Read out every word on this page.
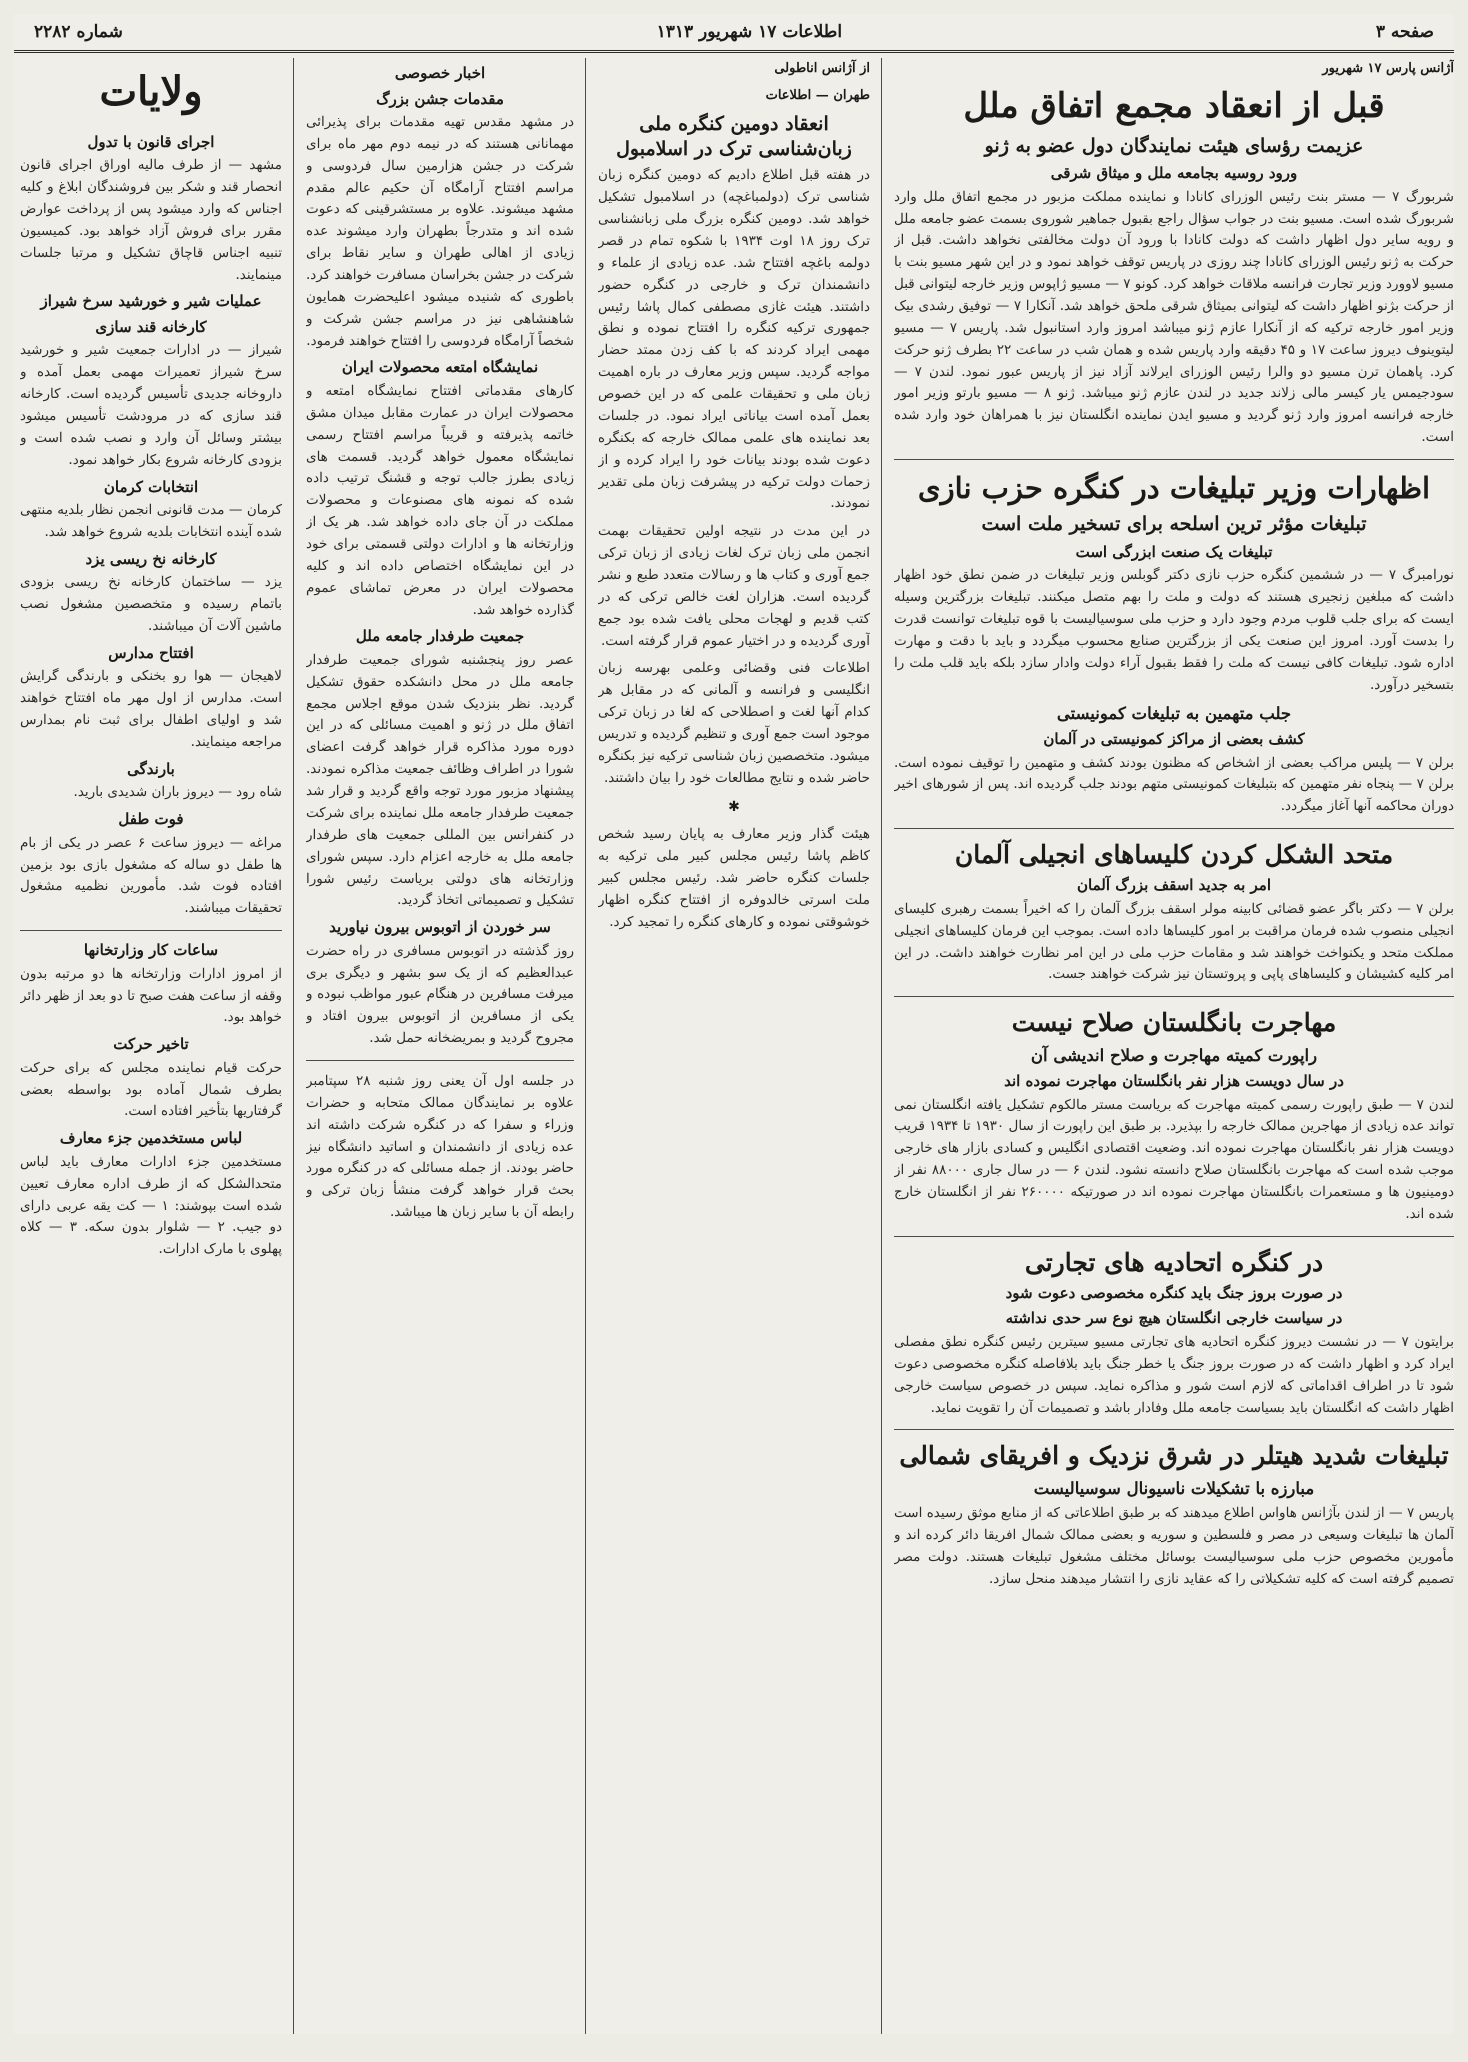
صفحه ۳
اطلاعات ۱۷ شهریور ۱۳۱۳
شماره ۲۲۸۲
آژانس پارس ۱۷ شهریور
قبل از انعقاد مجمع اتفاق ملل
عزیمت رؤسای هیئت نمایندگان دول عضو به ژنو
ورود روسیه بجامعه ملل و میثاق شرقی

شربورگ ۷ — مستر بنت رئیس الوزرای کانادا و نماینده مملکت مزبور در مجمع اتفاق ملل وارد شربورگ شده است. مسیو بنت در جواب سؤال راجع بقبول جماهیر شوروی بسمت عضو جامعه ملل و رویه سایر دول اظهار داشت که دولت کانادا با ورود آن دولت مخالفتی نخواهد داشت. قبل از حرکت به ژنو رئیس الوزرای کانادا چند روزی در پاریس توقف خواهد نمود و در این شهر مسیو بنت با مسیو لاوورد وزیر تجارت فرانسه ملاقات خواهد کرد. کونو ۷ — مسیو ژاپوس وزیر خارجه لیتوانی قبل از حرکت بژنو اظهار داشت که لیتوانی بمیثاق شرقی ملحق خواهد شد. آنکارا ۷ — توفیق رشدی بیک وزیر امور خارجه ترکیه که از آنکارا عازم ژنو میباشد امروز وارد استانبول شد. پاریس ۷ — مسیو لیتوینوف دیروز ساعت ۱۷ و ۴۵ دقیقه وارد پاریس شده و همان شب در ساعت ۲۲ بطرف ژنو حرکت کرد. پاهمان ترن مسیو دو والرا رئیس الوزرای ایرلاند آزاد نیز از پاریس عبور نمود. لندن ۷ — سودجیمس یار کیسر مالی زلاند جدید در لندن عازم ژنو میباشد. ژنو ۸ — مسیو بارتو وزیر امور خارجه فرانسه امروز وارد ژنو گردید و مسیو ایدن نماینده انگلستان نیز با همراهان خود وارد شده است.

اظهارات وزیر تبلیغات در کنگره حزب نازی
تبلیغات مؤثر ترین اسلحه برای تسخیر ملت است
تبلیغات یک صنعت‌ ابزرگی است

نورامبرگ ۷ — در ششمین کنگره حزب نازی دکتر گوبلس وزیر تبلیغات در ضمن نطق خود اظهار داشت که مبلغین زنجیری هستند که دولت و ملت را بهم متصل میکنند. تبلیغات بزرگترین وسیله ایست که برای جلب قلوب مردم وجود دارد و حزب ملی سوسیالیست با قوه تبلیغات توانست قدرت را بدست آورد. امروز این صنعت یکی از بزرگترین صنایع محسوب میگردد و باید با دقت و مهارت اداره شود. تبلیغات کافی نیست که ملت را فقط بقبول آراء دولت وادار سازد بلکه باید قلب ملت را بتسخیر درآورد.

جلب متهمین به تبلیغات کمونیستی
کشف بعضی از مراکز کمونیستی در آلمان

برلن ۷ — پلیس مراکب بعضی از اشخاص که مظنون بودند کشف و متهمین را توقیف نموده است. برلن ۷ — پنجاه نفر متهمین که بتبلیغات کمونیستی متهم بودند جلب گردیده اند. پس از شورهای اخیر دوران محاکمه آنها آغاز میگردد.

متحد الشکل کردن کلیساهای انجیلی آلمان
امر به جدید اسقف بزرگ آلمان

برلن ۷ — دکتر باگر عضو قضائی کابینه مولر اسقف بزرگ آلمان را که اخیراً بسمت رهبری کلیسای انجیلی منصوب شده فرمان مراقبت بر امور کلیساها داده است. بموجب این فرمان کلیساهای انجیلی مملکت متحد و یکنواخت خواهند شد و مقامات حزب ملی در این امر نظارت خواهند داشت. در این امر کلیه کشیشان و کلیساهای پاپی و پروتستان نیز شرکت خواهند جست.

مهاجرت بانگلستان صلاح نیست
راپورت کمیته مهاجرت و صلاح اندیشی آن
در سال دویست هزار نفر بانگلستان مهاجرت نموده اند

لندن ۷ — طبق راپورت رسمی کمیته مهاجرت که بریاست مستر مالکوم تشکیل یافته انگلستان نمی تواند عده زیادی از مهاجرین ممالک خارجه را بپذیرد. بر طبق این راپورت از سال ۱۹۳۰ تا ۱۹۳۴ قریب دویست هزار نفر بانگلستان مهاجرت نموده اند. وضعیت اقتصادی انگلیس و کسادی بازار های خارجی موجب شده است که مهاجرت بانگلستان صلاح دانسته نشود. لندن ۶ — در سال جاری ۸۸۰۰۰ نفر از دومینیون ها و مستعمرات بانگلستان مهاجرت نموده اند در صورتیکه ۲۶۰۰۰۰ نفر از انگلستان خارج شده اند.

در کنگره اتحادیه های تجارتی
در صورت بروز جنگ باید کنگره مخصوصی دعوت شود
در سیاست خارجی انگلستان هیچ نوع سر حدی نداشته

برایتون ۷ — در نشست دیروز کنگره اتحادیه های تجارتی مسیو سیترین رئیس کنگره نطق مفصلی ایراد کرد و اظهار داشت که در صورت بروز جنگ یا خطر جنگ باید بلافاصله کنگره مخصوصی دعوت شود تا در اطراف اقداماتی که لازم است شور و مذاکره نماید. سپس در خصوص سیاست خارجی اظهار داشت که انگلستان باید بسیاست جامعه ملل وفادار باشد و تصمیمات آن را تقویت نماید.

تبلیغات شدید هیتلر در شرق نزدیک و افریقای شمالی
مبارزه با تشکیلات ناسیونال سوسیالیست

پاریس ۷ — از لندن بآژانس هاواس اطلاع میدهند که بر طبق اطلاعاتی که از منابع موثق رسیده است آلمان ها تبلیغات وسیعی در مصر و فلسطین و سوریه و بعضی ممالک شمال افریقا دائر کرده اند و مأمورین مخصوص حزب ملی سوسیالیست بوسائل مختلف مشغول تبلیغات هستند. دولت مصر تصمیم گرفته است که کلیه تشکیلاتی را که عقاید نازی را انتشار میدهند منحل سازد.

از آژانس اناطولی
طهران — اطلاعات
انعقاد دومین کنگره ملی زبان‌شناسی ترک در اسلامبول

در هفته قبل اطلاع دادیم که دومین کنگره زبان شناسی ترک (دولمباغچه) در اسلامبول تشکیل خواهد شد. دومین کنگره بزرگ ملی زبانشناسی ترک روز ۱۸ اوت ۱۹۳۴ با شکوه تمام در قصر دولمه باغچه افتتاح شد. عده زیادی از علماء و دانشمندان ترک و خارجی در کنگره حضور داشتند. هیئت غازی مصطفی کمال پاشا رئیس جمهوری ترکیه کنگره را افتتاح نموده و نطق مهمی ایراد کردند که با کف زدن ممتد حضار مواجه گردید. سپس وزیر معارف در باره اهمیت زبان ملی و تحقیقات علمی که در این خصوص بعمل آمده است بیاناتی ایراد نمود. در جلسات بعد نماینده های علمی ممالک خارجه که بکنگره دعوت شده بودند بیانات خود را ایراد کرده و از زحمات دولت ترکیه در پیشرفت زبان ملی تقدیر نمودند.

در این مدت در نتیجه اولین تحقیقات بهمت انجمن ملی زبان ترک لغات زیادی از زبان ترکی جمع آوری و کتاب ها و رسالات متعدد طبع و نشر گردیده است. هزاران لغت خالص ترکی که در کتب قدیم و لهجات محلی یافت شده بود جمع آوری گردیده و در اختیار عموم قرار گرفته است.

اطلاعات فنی وقضائی وعلمی بهرسه زبان انگلیسی و فرانسه و آلمانی که در مقابل هر کدام آنها لغت و اصطلاحی که لغا در زبان ترکی موجود است جمع آوری و تنظیم گردیده و تدریس میشود. متخصصین زبان شناسی ترکیه نیز بکنگره حاضر شده و نتایج مطالعات خود را بیان داشتند.

✱

هیئت گذار وزیر معارف به پایان رسید شخص کاظم پاشا رئیس مجلس کبیر ملی ترکیه به جلسات کنگره حاضر شد. رئیس مجلس کبیر ملت اسرتی خالدوفره از افتتاح کنگره اظهار خوشوقتی نموده و کارهای کنگره را تمجید کرد.

اخبار خصوصی
مقدمات جشن بزرگ

در مشهد مقدس تهیه مقدمات برای پذیرائی مهمانانی هستند که در نیمه دوم مهر ماه برای شرکت در جشن هزارمین سال فردوسی و مراسم افتتاح آرامگاه آن حکیم عالم مقدم مشهد میشوند. علاوه بر مستشرقینی که دعوت شده اند و متدرجاً بطهران وارد میشوند عده زیادی از اهالی طهران و سایر نقاط برای شرکت در جشن بخراسان مسافرت خواهند کرد. باطوری که شنیده میشود اعلیحضرت همایون شاهنشاهی نیز در مراسم جشن شرکت و شخصاً آرامگاه فردوسی را افتتاح خواهند فرمود.

نمایشگاه امتعه محصولات ایران

کارهای مقدماتی افتتاح نمایشگاه امتعه و محصولات ایران در عمارت مقابل میدان مشق خاتمه پذیرفته و قریباً مراسم افتتاح رسمی نمایشگاه معمول خواهد گردید. قسمت های زیادی بطرز جالب توجه و قشنگ ترتیب داده شده که نمونه های مصنوعات و محصولات مملکت در آن جای داده خواهد شد. هر یک از وزارتخانه ها و ادارات دولتی قسمتی برای خود در این نمایشگاه اختصاص داده اند و کلیه محصولات ایران در معرض تماشای عموم گذارده خواهد شد.

جمعیت طرفدار جامعه ملل

عصر روز پنجشنبه شورای جمعیت طرفدار جامعه ملل در محل دانشکده حقوق تشکیل گردید. نظر بنزدیک شدن موقع اجلاس مجمع اتفاق ملل در ژنو و اهمیت مسائلی که در این دوره مورد مذاکره قرار خواهد گرفت اعضای شورا در اطراف وظائف جمعیت مذاکره نمودند. پیشنهاد مزبور مورد توجه واقع گردید و قرار شد جمعیت طرفدار جامعه ملل نماینده برای شرکت در کنفرانس بین المللی جمعیت های طرفدار جامعه ملل به خارجه اعزام دارد. سپس شورای وزارتخانه های دولتی بریاست رئیس شورا تشکیل و تصمیماتی اتخاذ گردید.

سر خوردن از اتوبوس بیرون نیاورید

روز گذشته در اتوبوس مسافری در راه حضرت عبدالعظیم که از یک سو بشهر و دیگری بری میرفت مسافرین در هنگام عبور مواظب نبوده و یکی از مسافرین از اتوبوس بیرون افتاد و مجروح گردید و بمریضخانه حمل شد.

در جلسه اول آن یعنی روز شنبه ۲۸ سپتامبر علاوه بر نمایندگان ممالک متحابه و حضرات وزراء و سفرا که در کنگره شرکت داشته اند عده زیادی از دانشمندان و اساتید دانشگاه نیز حاضر بودند. از جمله مسائلی که در کنگره مورد بحث قرار خواهد گرفت منشأ زبان ترکی و رابطه آن با سایر زبان ها میباشد.

ولایات
اجرای قانون با تدول

مشهد — از طرف مالیه اوراق اجرای قانون انحصار قند و شکر بین فروشندگان ابلاغ و کلیه اجناس که وارد میشود پس از پرداخت عوارض مقرر برای فروش آزاد خواهد بود. کمیسیون تنبیه اجناس قاچاق تشکیل و مرتبا جلسات مینمایند.

عملیات شیر و خورشید سرخ شیراز
کارخانه قند سازی

شیراز — در ادارات جمعیت شیر و خورشید سرخ شیراز تعمیرات مهمی بعمل آمده و داروخانه جدیدی تأسیس گردیده است. کارخانه قند سازی که در مرودشت تأسیس میشود بیشتر وسائل آن وارد و نصب شده است و بزودی کارخانه شروع بکار خواهد نمود.

انتخابات کرمان

کرمان — مدت قانونی انجمن نظار بلدیه منتهی شده آینده انتخابات بلدیه شروع خواهد شد.

کارخانه نخ ریسی یزد

یزد — ساختمان کارخانه نخ ریسی بزودی باتمام رسیده و متخصصین مشغول نصب ماشین آلات آن میباشند.

افتتاح مدارس

لاهیجان — هوا رو بخنکی و بارندگی گرایش است. مدارس از اول مهر ماه افتتاح خواهند شد و اولیای اطفال برای ثبت نام بمدارس مراجعه مینمایند.

بارندگی

شاه رود — دیروز باران شدیدی بارید.

فوت طفل

مراغه — دیروز ساعت ۶ عصر در یکی از بام ها طفل دو ساله که مشغول بازی بود بزمین افتاده فوت شد. مأمورین نظمیه مشغول تحقیقات میباشند.

ساعات کار وزارتخانها

از امروز ادارات وزارتخانه ها دو مرتبه بدون وقفه از ساعت هفت صبح تا دو بعد از ظهر دائر خواهد بود.

تاخیر حرکت

حرکت قیام نماینده مجلس که برای حرکت بطرف شمال آماده بود بواسطه بعضی گرفتاریها بتأخیر افتاده است.

لباس مستخدمین جزء معارف

مستخدمین جزء ادارات معارف باید لباس متحدالشکل که از طرف اداره معارف تعیین شده است بپوشند: ۱ — کت یقه عربی دارای دو جیب. ۲ — شلوار بدون سکه. ۳ — کلاه پهلوی با مارک ادارات.
